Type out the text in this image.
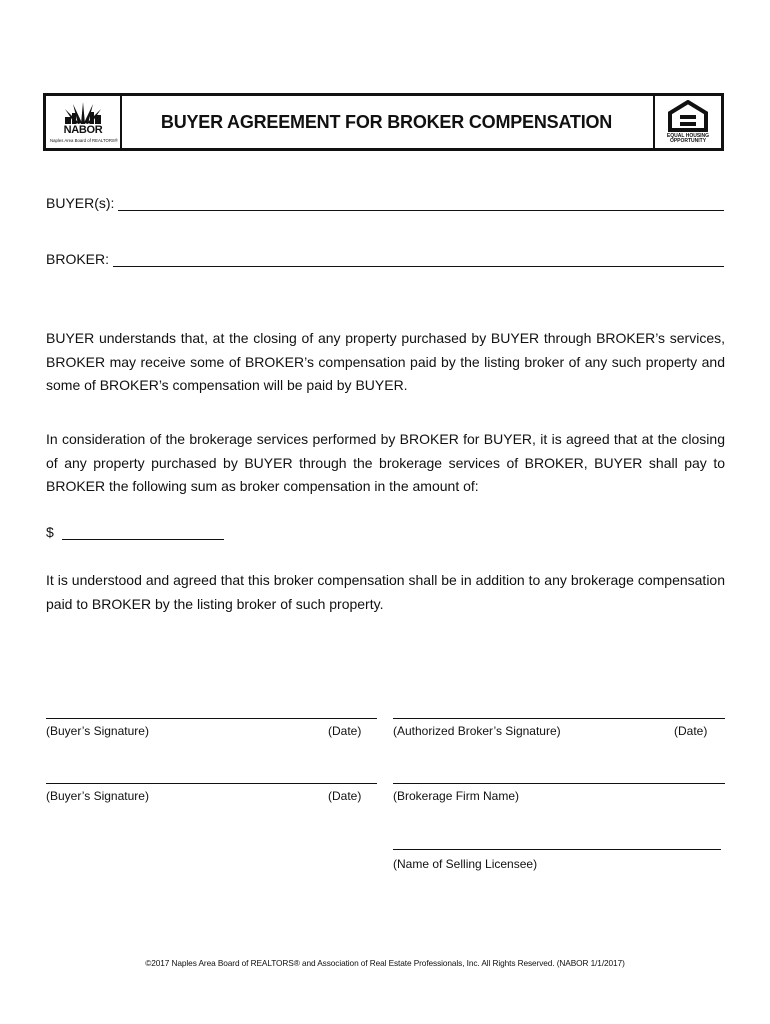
NABOR
Naples Area Board of REALTORS®
BUYER AGREEMENT FOR BROKER COMPENSATION
EQUAL HOUSING
OPPORTUNITY
BUYER(s):
BROKER:

BUYER understands that, at the closing of any property purchased by BUYER through BROKER’s services, BROKER may receive some of BROKER’s compensation paid by the listing broker of any such property and some of BROKER’s compensation will be paid by BUYER.

In consideration of the brokerage services performed by BROKER for BUYER, it is agreed that at the closing of any property purchased by BUYER through the brokerage services of BROKER, BUYER shall pay to BROKER the following sum as broker compensation in the amount of:

$

It is understood and agreed that this broker compensation shall be in addition to any brokerage compensation paid to BROKER by the listing broker of such property.

(Buyer’s Signature)	(Date)	(Authorized Broker’s Signature)	(Date)
(Buyer’s Signature)	(Date)	(Brokerage Firm Name)
(Name of Selling Licensee)
©2017 Naples Area Board of REALTORS® and Association of Real Estate Professionals, Inc. All Rights Reserved. (NABOR 1/1/2017)
